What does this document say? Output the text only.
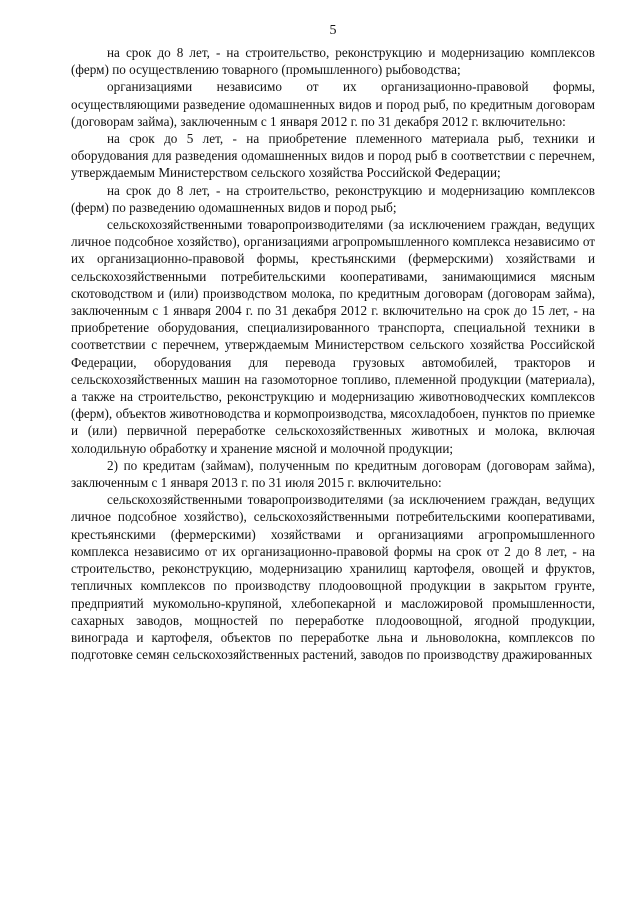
5

на срок до 8 лет, - на строительство, реконструкцию и модернизацию комплексов (ферм) по осуществлению товарного (промышленного) рыбоводства;

организациями независимо от их организационно-правовой формы, осуществляющими разведение одомашненных видов и пород рыб, по кредитным договорам (договорам займа), заключенным с 1 января 2012 г. по 31 декабря 2012 г. включительно:

на срок до 5 лет, - на приобретение племенного материала рыб, техники и оборудования для разведения одомашненных видов и пород рыб в соответствии с перечнем, утверждаемым Министерством сельского хозяйства Российской Федерации;

на срок до 8 лет, - на строительство, реконструкцию и модернизацию комплексов (ферм) по разведению одомашненных видов и пород рыб;

сельскохозяйственными товаропроизводителями (за исключением граждан, ведущих личное подсобное хозяйство), организациями агропромышленного комплекса независимо от их организационно-правовой формы, крестьянскими (фермерскими) хозяйствами и сельскохозяйственными потребительскими кооперативами, занимающимися мясным скотоводством и (или) производством молока, по кредитным договорам (договорам займа), заключенным с 1 января 2004 г. по 31 декабря 2012 г. включительно на срок до 15 лет, - на приобретение оборудования, специализированного транспорта, специальной техники в соответствии с перечнем, утверждаемым Министерством сельского хозяйства Российской Федерации, оборудования для перевода грузовых автомобилей, тракторов и сельскохозяйственных машин на газомоторное топливо, племенной продукции (материала), а также на строительство, реконструкцию и модернизацию животноводческих комплексов (ферм), объектов животноводства и кормопроизводства, мясохладобоен, пунктов по приемке и (или) первичной переработке сельскохозяйственных животных и молока, включая холодильную обработку и хранение мясной и молочной продукции;

2) по кредитам (займам), полученным по кредитным договорам (договорам займа), заключенным с 1 января 2013 г. по 31 июля 2015 г. включительно:

сельскохозяйственными товаропроизводителями (за исключением граждан, ведущих личное подсобное хозяйство), сельскохозяйственными потребительскими кооперативами, крестьянскими (фермерскими) хозяйствами и организациями агропромышленного комплекса независимо от их организационно-правовой формы на срок от 2 до 8 лет, - на строительство, реконструкцию, модернизацию хранилищ картофеля, овощей и фруктов, тепличных комплексов по производству плодоовощной продукции в закрытом грунте, предприятий мукомольно-крупяной, хлебопекарной и масложировой промышленности, сахарных заводов, мощностей по переработке плодоовощной, ягодной продукции, винограда и картофеля, объектов по переработке льна и льноволокна, комплексов по подготовке семян сельскохозяйственных растений, заводов по производству дражированных
